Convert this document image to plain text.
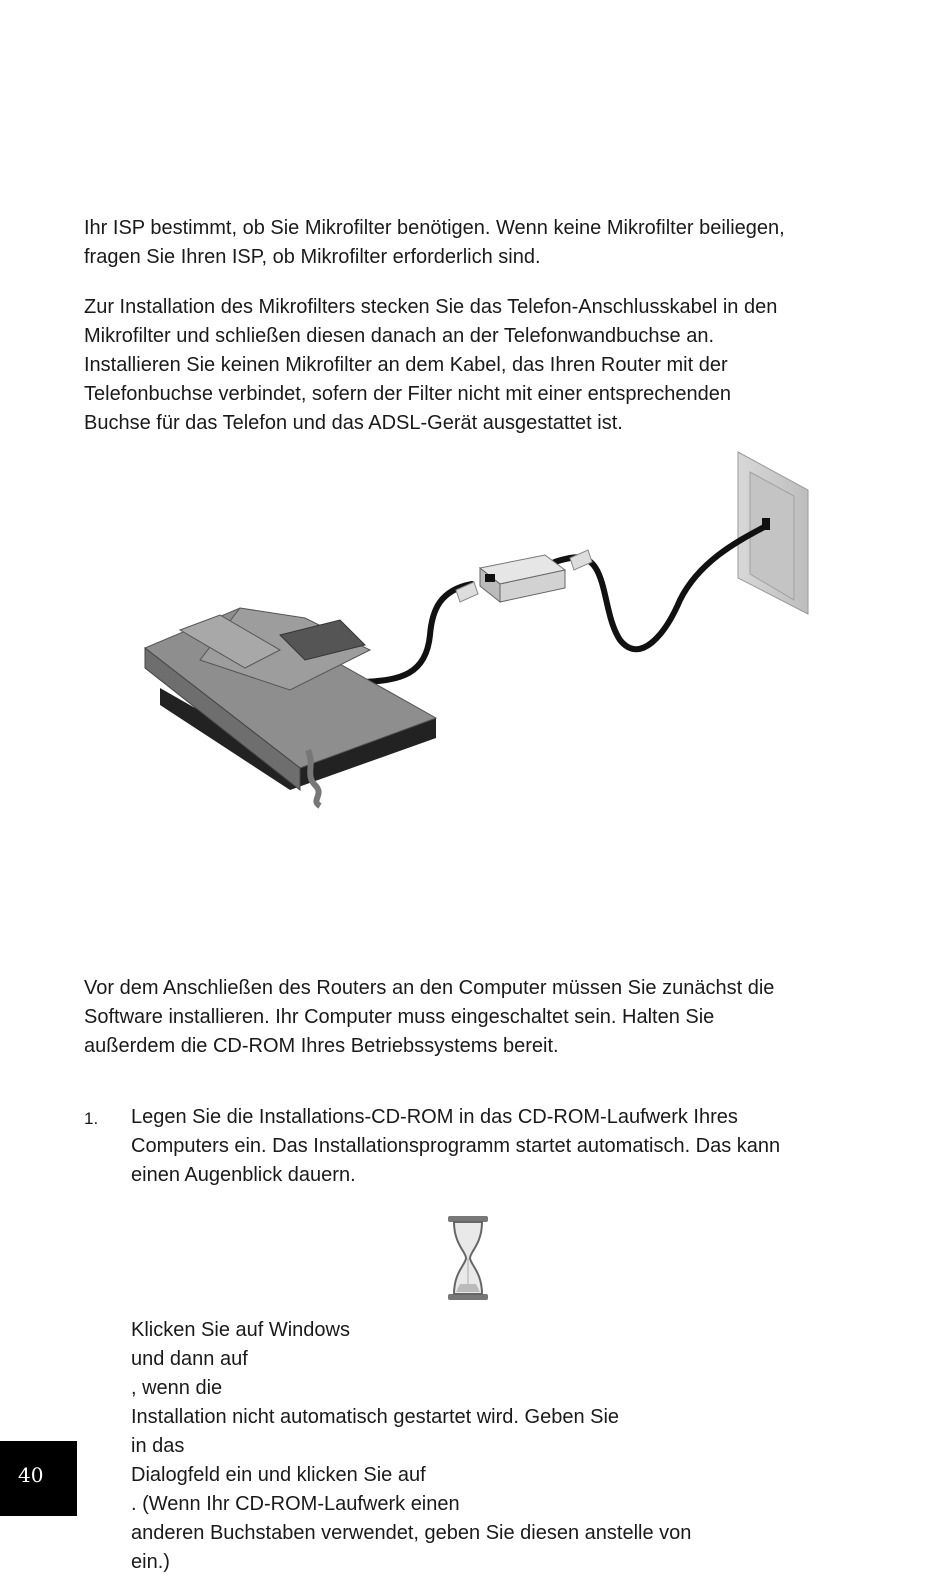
Ihr ISP bestimmt, ob Sie Mikrofilter benötigen. Wenn keine Mikrofilter beiliegen,
fragen Sie Ihren ISP, ob Mikrofilter erforderlich sind.
Zur Installation des Mikrofilters stecken Sie das Telefon-Anschlusskabel in den
Mikrofilter und schließen diesen danach an der Telefonwandbuchse an.
Installieren Sie keinen Mikrofilter an dem Kabel, das Ihren Router mit der
Telefonbuchse verbindet, sofern der Filter nicht mit einer entsprechenden
Buchse für das Telefon und das ADSL-Gerät ausgestattet ist.
Vor dem Anschließen des Routers an den Computer müssen Sie zunächst die
Software installieren. Ihr Computer muss eingeschaltet sein. Halten Sie
außerdem die CD-ROM Ihres Betriebssystems bereit.
1. Legen Sie die Installations-CD-ROM in das CD-ROM-Laufwerk Ihres
Computers ein. Das Installationsprogramm startet automatisch. Das kann
einen Augenblick dauern.
Klicken Sie auf Windows
und dann auf
, wenn die
Installation nicht automatisch gestartet wird. Geben Sie
in das
Dialogfeld ein und klicken Sie auf
. (Wenn Ihr CD-ROM-Laufwerk einen
anderen Buchstaben verwendet, geben Sie diesen anstelle von
ein.)
40
